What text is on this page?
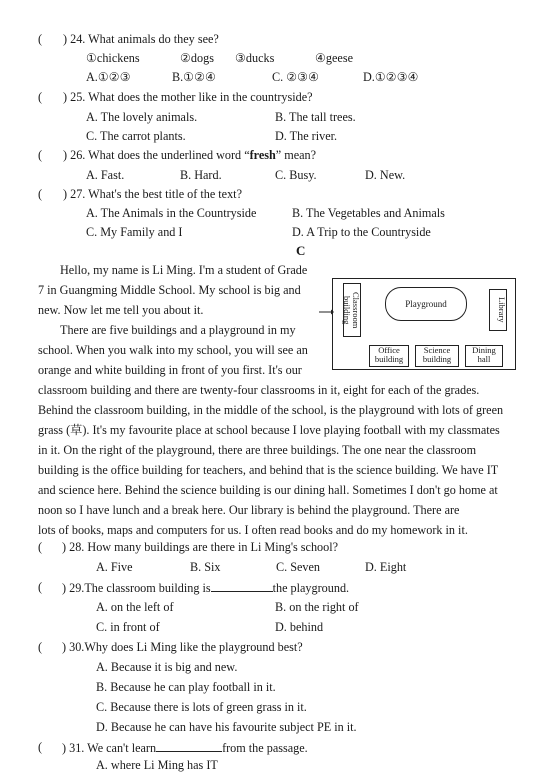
( ) 24. What animals do they see?
①chickens	②dogs ③ducks	④geese
A.①②③	B.①②④	C. ②③④	D.①②③④
( ) 25. What does the mother like in the countryside?
A. The lovely animals.	B. The tall trees.
C. The carrot plants.	D. The river.
( ) 26. What does the underlined word “fresh” mean?
A. Fast.	B. Hard.	C. Busy.	D. New.
( ) 27. What's the best title of the text?
A. The Animals in the Countryside	B. The Vegetables and Animals
C. My Family and I	D. A Trip to the Countryside
C
Hello, my name is Li Ming. I'm a student of Grade
7 in Guangming Middle School. My school is big and
new. Now let me tell you about it.
There are five buildings and a playground in my
school. When you walk into my school, you will see an
orange and white building in front of you first. It's our
classroom building and there are twenty-four classrooms in it, eight for each of the grades.
Behind the classroom building, in the middle of the school, is the playground with lots of green
grass (草). It's my favourite place at school because I love playing football with my classmates
in it. On the right of the playground, there are three buildings. The one near the classroom
building is the office building for teachers, and behind that is the science building. We have IT
and science here. Behind the science building is our dining hall. Sometimes I don't go home at
noon so I have lunch and a break here. Our library is behind the playground. There are
lots of books, maps and computers for us. I often read books and do my homework in it.
Classroom building	Playground	Library
Office
building
Science
building
Dining
hall
( ) 28. How many buildings are there in Li Ming's school?
A. Five	B. Six	C. Seven	D. Eight
( ) 29.The classroom building is	the playground.
A. on the left of	B. on the right of
C. in front of	D. behind
( ) 30.Why does Li Ming like the playground best?
A. Because it is big and new.
B. Because he can play football in it.
C. Because there is lots of green grass in it.
D. Because he can have his favourite subject PE in it.
( ) 31. We can't learn	from the passage.
A. where Li Ming has IT
